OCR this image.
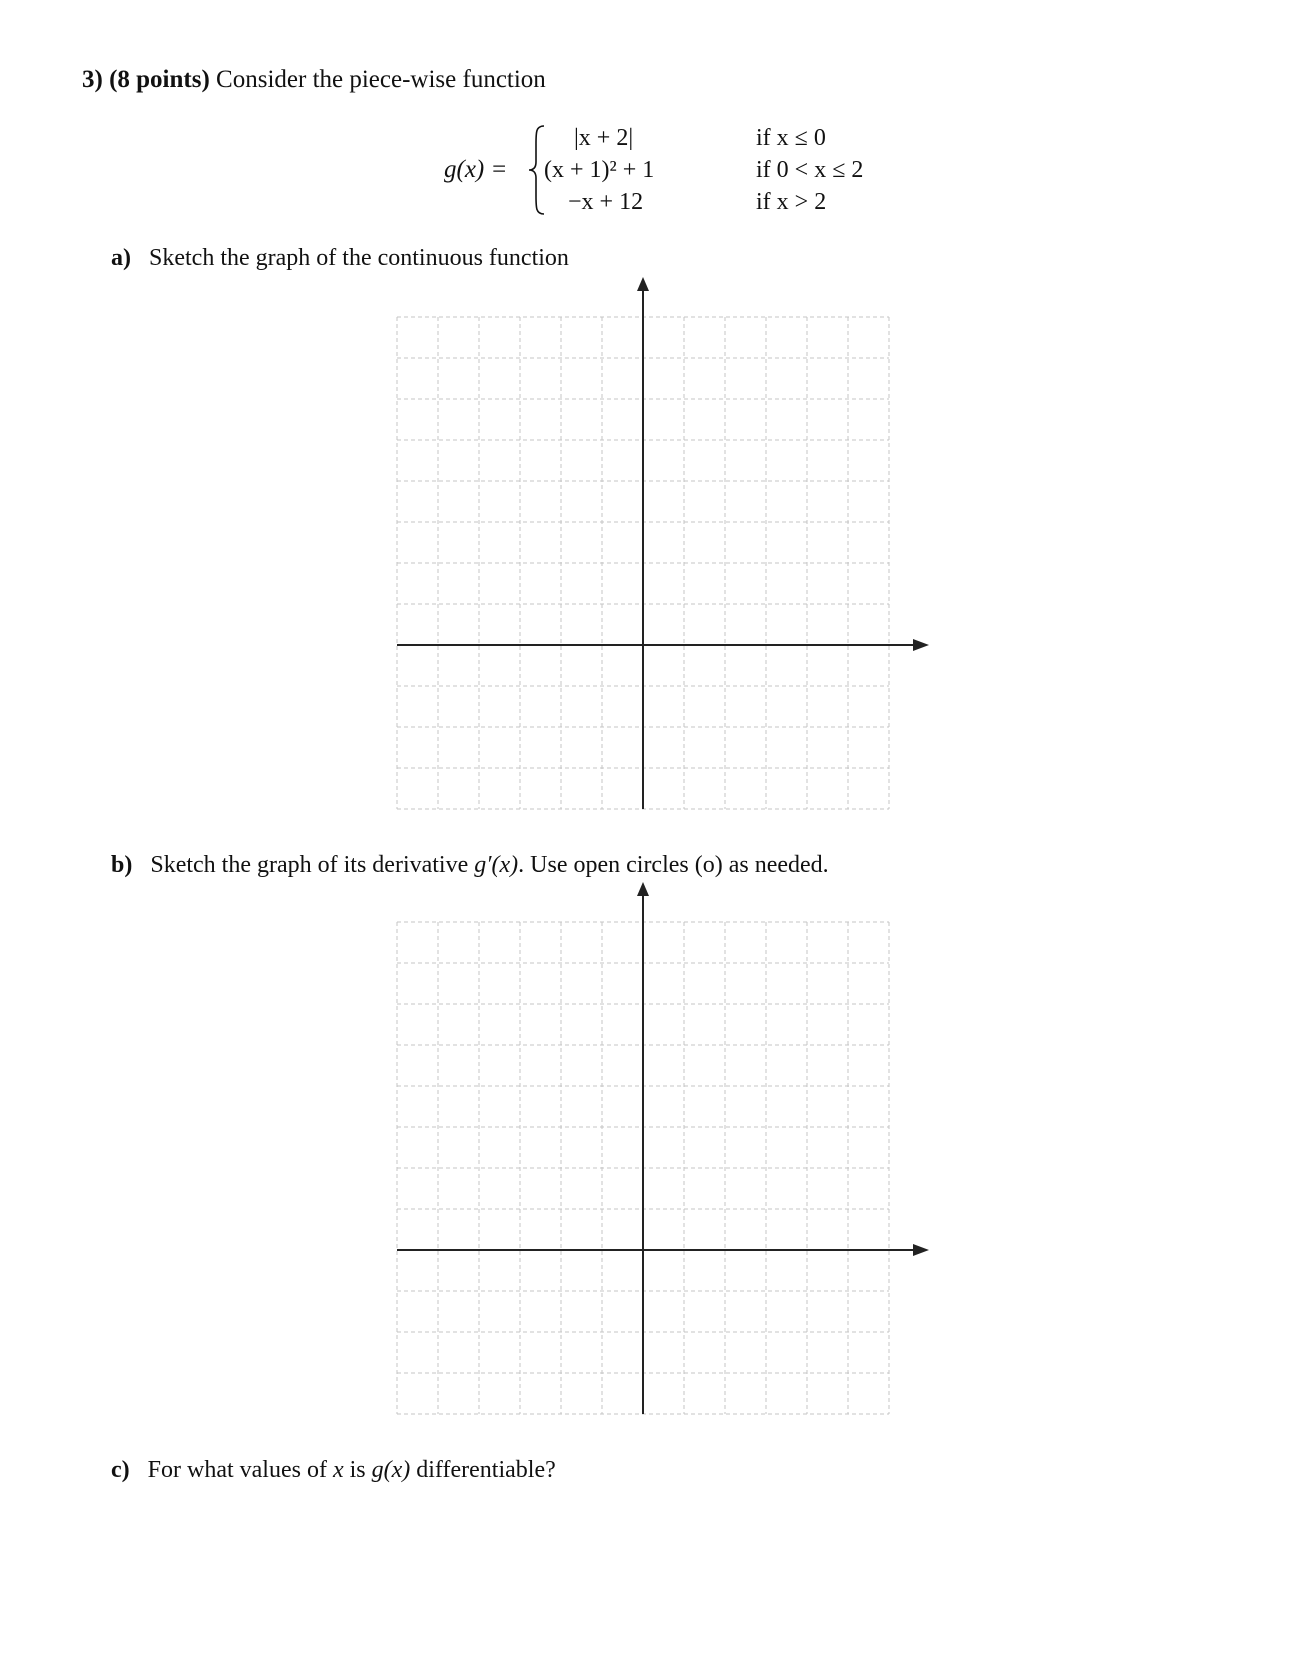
3) (8 points) Consider the piece-wise function
g(x) =
|x + 2|
(x + 1)² + 1
−x + 12
if x ≤ 0
if 0 < x ≤ 2
if x > 2
a) Sketch the graph of the continuous function
b) Sketch the graph of its derivative g′(x). Use open circles (o) as needed.
c) For what values of x is g(x) differentiable?
